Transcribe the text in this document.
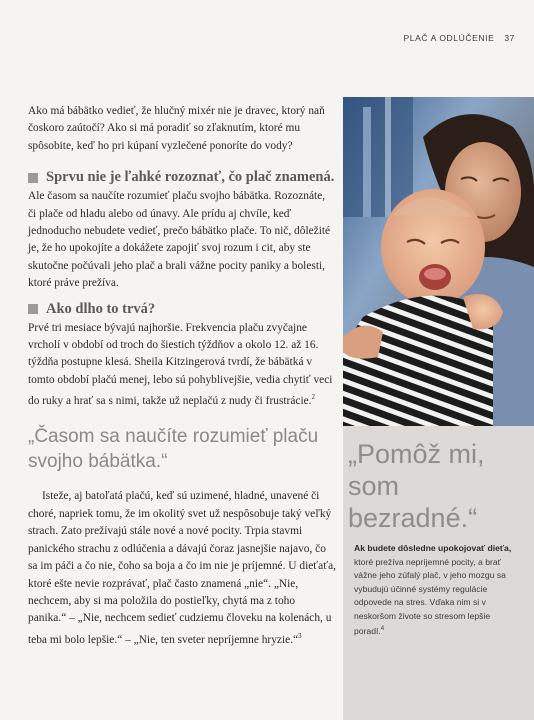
PLAČ A ODLÚČENIE 37

Ako má bábätko vedieť, že hlučný mixér nie je dravec, ktorý naň čoskoro zaútočí? Ako si má poradiť so zľaknutím, ktoré mu spôsobite, keď ho pri kúpaní vyzlečené ponoríte do vody?

Sprvu nie je ľahké rozoznať, čo plač znamená.

Ale časom sa naučíte rozumieť plaču svojho bábätka. Rozoznáte, či plače od hladu alebo od únavy. Ale prídu aj chvíle, keď jednoducho nebudete vedieť, prečo bábätko plače. To nič, dôležité je, že ho upokojíte a dokážete zapojiť svoj rozum i cit, aby ste skutočne počúvali jeho plač a brali vážne pocity paniky a bolesti, ktoré práve prežíva.

Ako dlho to trvá?

Prvé tri mesiace bývajú najhoršie. Frekvencia plaču zvyčajne vrcholí v období od troch do šiestich týždňov a okolo 12. až 16. týždňa postupne klesá. Sheila Kitzingerová tvrdí, že bábätká v tomto období plačú menej, lebo sú pohyblivejšie, vedia chytiť veci do ruky a hrať sa s nimi, takže už neplačú z nudy či frustrácie.$^2$

„Časom sa naučíte rozumieť plaču svojho bábätka.“

Isteže, aj batoľatá plačú, keď sú uzimené, hladné, unavené či choré, napriek tomu, že im okolitý svet už nespôsobuje taký veľký strach. Zato prežívajú stále nové a nové pocity. Trpia stavmi panického strachu z odlúčenia a dávajú čoraz jasnejšie najavo, čo sa im páči a čo nie, čoho sa boja a čo im nie je príjemné. U dieťaťa, ktoré ešte nevie rozprávať, plač často znamená „nie“. „Nie, nechcem, aby si ma položila do postieľky, chytá ma z toho panika.“ – „Nie, nechcem sedieť cudziemu človeku na kolenách, u teba mi bolo lepšie.“ – „Nie, ten sveter nepríjemne hryzie.“$^3$

„Pomôž mi, som bezradné.“
Ak budete dôsledne upokojovať dieťa, ktoré prežíva nepríjemné pocity, a brať vážne jeho zúfalý plač, v jeho mozgu sa vybudujú účinné systémy regulácie odpovede na stres. Vďaka nim si v neskoršom živote so stresom lepšie poradí.$^4$
